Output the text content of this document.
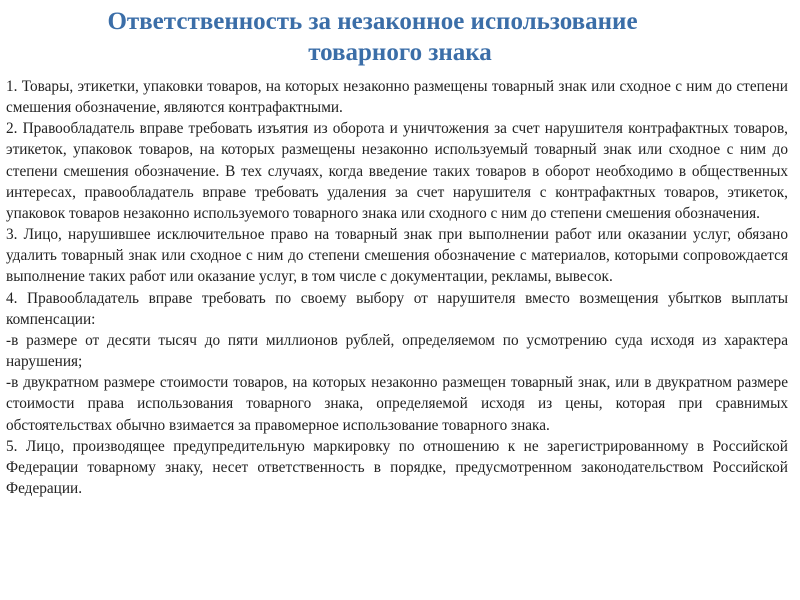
Ответственность за незаконное использование
товарного знака

1. Товары, этикетки, упаковки товаров, на которых незаконно размещены товарный знак или сходное с ним до степени смешения обозначение, являются контрафактными.

2. Правообладатель вправе требовать изъятия из оборота и уничтожения за счет нарушителя контрафактных товаров, этикеток, упаковок товаров, на которых размещены незаконно используемый товарный знак или сходное с ним до степени смешения обозначение. В тех случаях, когда введение таких товаров в оборот необходимо в общественных интересах, правообладатель вправе требовать удаления за счет нарушителя с контрафактных товаров, этикеток, упаковок товаров незаконно используемого товарного знака или сходного с ним до степени смешения обозначения.

3. Лицо, нарушившее исключительное право на товарный знак при выполнении работ или оказании услуг, обязано удалить товарный знак или сходное с ним до степени смешения обозначение с материалов, которыми сопровождается выполнение таких работ или оказание услуг, в том числе с документации, рекламы, вывесок.

4. Правообладатель вправе требовать по своему выбору от нарушителя вместо возмещения убытков выплаты компенсации:

-в размере от десяти тысяч до пяти миллионов рублей, определяемом по усмотрению суда исходя из характера нарушения;

-в двукратном размере стоимости товаров, на которых незаконно размещен товарный знак, или в двукратном размере стоимости права использования товарного знака, определяемой исходя из цены, которая при сравнимых обстоятельствах обычно взимается за правомерное использование товарного знака.

5. Лицо, производящее предупредительную маркировку по отношению к не зарегистрированному в Российской Федерации товарному знаку, несет ответственность в порядке, предусмотренном законодательством Российской Федерации.
